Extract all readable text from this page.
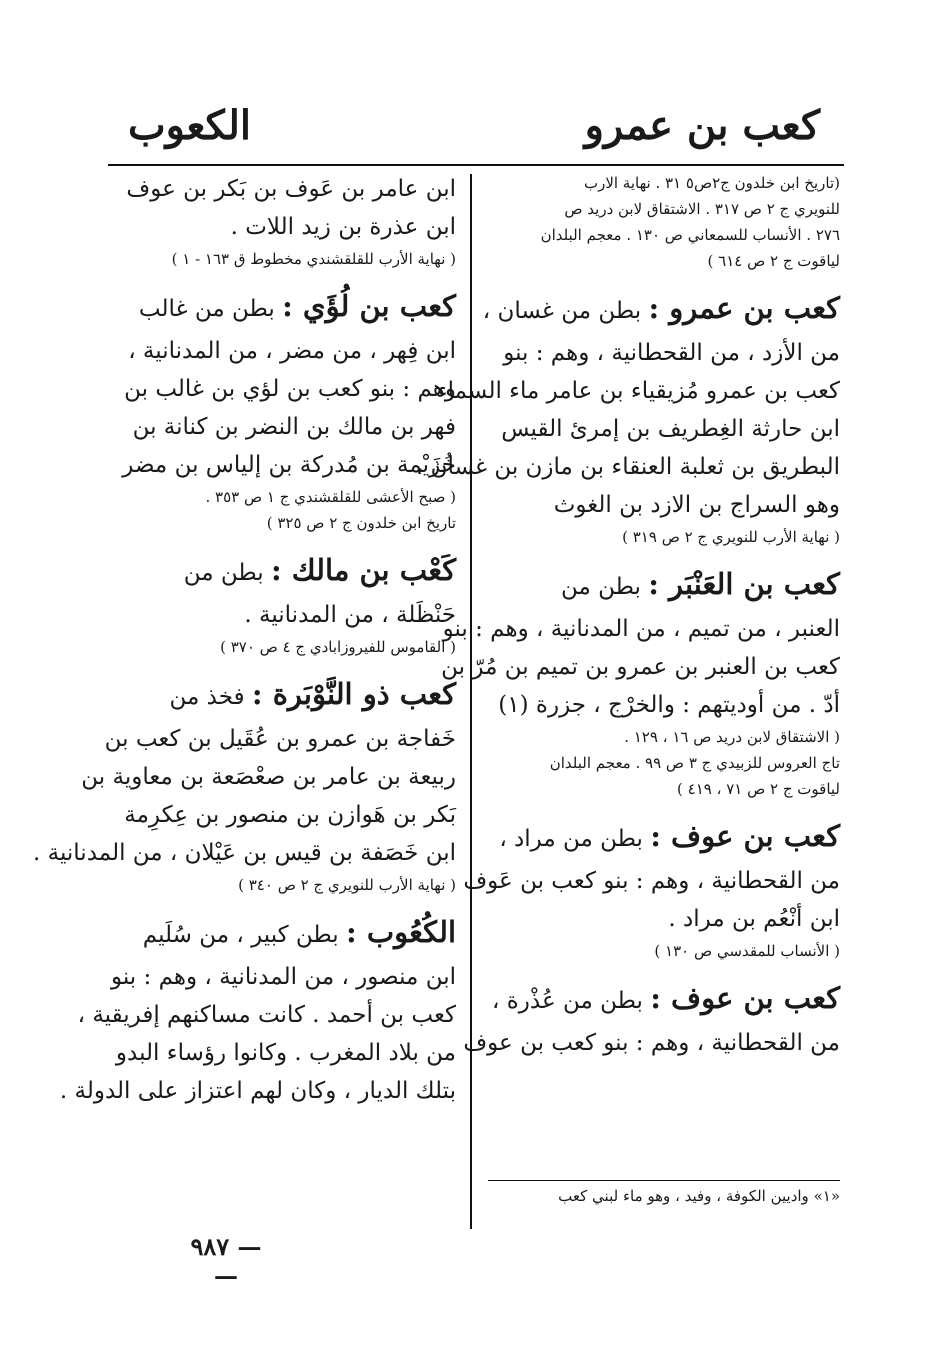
كعب بن عمرو
الكعوب
(تاريخ ابن خلدون ج٢ص٥ ٣١ . نهاية الارب
للنويري ج ٢ ص ٣١٧ . الاشتقاق لابن دريد ص
٢٧٦ . الأنساب للسمعاني ص ١٣٠ . معجم البلدان
لياقوت ج ٢ ص ٦١٤ )
كعب بن عمرو : بطن من غسان ،
من الأزد ، من القحطانية ، وهم : بنو
كعب بن عمرو مُزيقياء بن عامر ماء السماء
ابن حارثة الغِطريف بن إمرئ القيس
البطريق بن ثعلبة العنقاء بن مازن بن غسان ،
وهو السراج بن الازد بن الغوث
( نهاية الأرب للنويري ج ٢ ص ٣١٩ )
كعب بن العَنْبَر : بطن من
العنبر ، من تميم ، من المدنانية ، وهم : بنو
كعب بن العنبر بن عمرو بن تميم بن مُرّ بن
أدّ . من أوديتهم : والخرْج ، جزرة (١)
( الاشتقاق لابن دريد ص ١٦ ، ١٢٩ .
تاج العروس للزبيدي ج ٣ ص ٩٩ . معجم البلدان
لياقوت ج ٢ ص ٧١ ، ٤١٩ )
كعب بن عوف : بطن من مراد ،
من القحطانية ، وهم : بنو كعب بن عَوف
ابن أنْعُم بن مراد .
( الأنساب للمقدسي ص ١٣٠ )
كعب بن عوف : بطن من عُذْرة ،
من القحطانية ، وهم : بنو كعب بن عوف
ابن عامر بن عَوف بن بَكر بن عوف
ابن عذرة بن زيد اللات .
( نهاية الأرب للقلقشندي مخطوط ق ١٦٣ - ١ )
كعب بن لُؤَي : بطن من غالب
ابن فِهر ، من مضر ، من المدنانية ،
وهم : بنو كعب بن لؤي بن غالب بن
فهر بن مالك بن النضر بن كنانة بن
خُزَيْمة بن مُدركة بن إلياس بن مضر
( صبح الأعشى للقلقشندي ج ١ ص ٣٥٣ .
تاريخ ابن خلدون ج ٢ ص ٣٢٥ )
كَعْب بن مالك : بطن من
حَنْظَلة ، من المدنانية .
( القاموس للفيروزابادي ج ٤ ص ٣٧٠ )
كعب ذو النَّوْبَرة : فخذ من
خَفاجة بن عمرو بن عُقَيل بن كعب بن
ربيعة بن عامر بن صعْصَعة بن معاوية بن
بَكر بن هَوازن بن منصور بن عِكرِمة
ابن خَصَفة بن قيس بن عَيْلان ، من المدنانية .
( نهاية الأرب للنويري ج ٢ ص ٣٤٠ )
الكُعُوب : بطن كبير ، من سُلَيم
ابن منصور ، من المدنانية ، وهم : بنو
كعب بن أحمد . كانت مساكنهم إفريقية ،
من بلاد المغرب . وكانوا رؤساء البدو
بتلك الديار ، وكان لهم اعتزاز على الدولة .
«١» واديين الكوفة ، وفيد ، وهو ماء لبني كعب
— ٩٨٧ —
